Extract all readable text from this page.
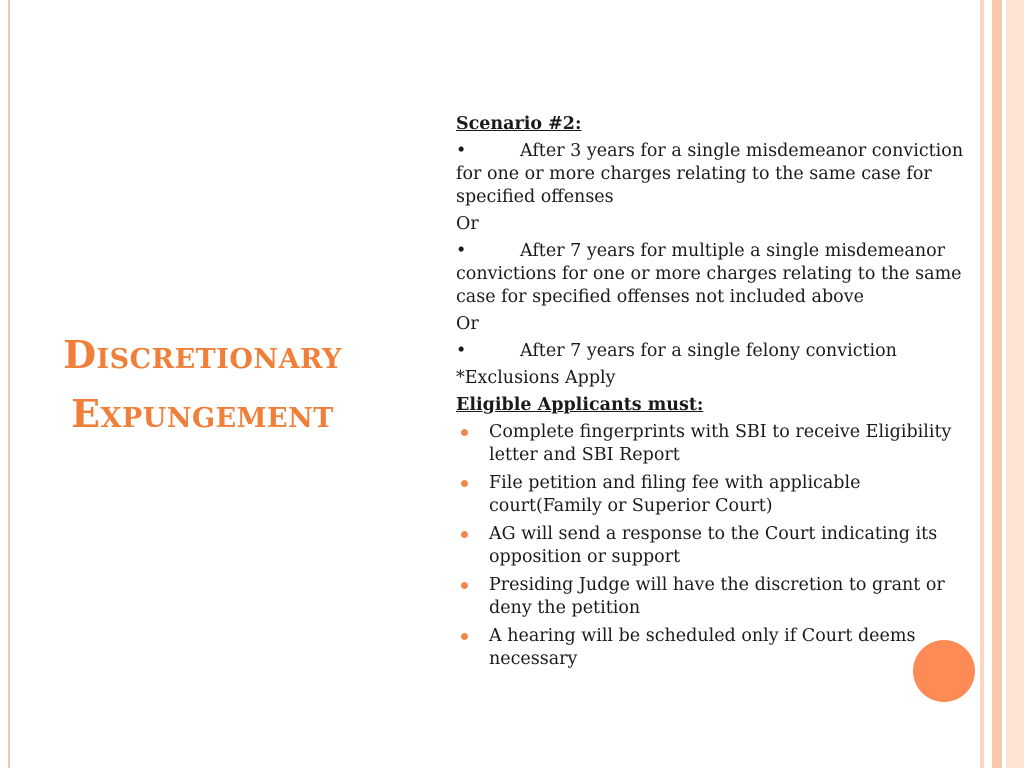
DISCRETIONARY
EXPUNGEMENT
Scenario #2:
•	After 3 years for a single misdemeanor conviction for one or more charges relating to the same case for specified offenses
Or
•	After 7 years for multiple a single misdemeanor convictions for one or more charges relating to the same case for specified offenses not included above
Or
•	After 7 years for a single felony conviction
*Exclusions Apply
Eligible Applicants must:
Complete fingerprints with SBI to receive Eligibility letter and SBI Report
File petition and filing fee with applicable court(Family or Superior Court)
AG will send a response to the Court indicating its opposition or support
Presiding Judge will have the discretion to grant or deny the petition
A hearing will be scheduled only if Court deems necessary
